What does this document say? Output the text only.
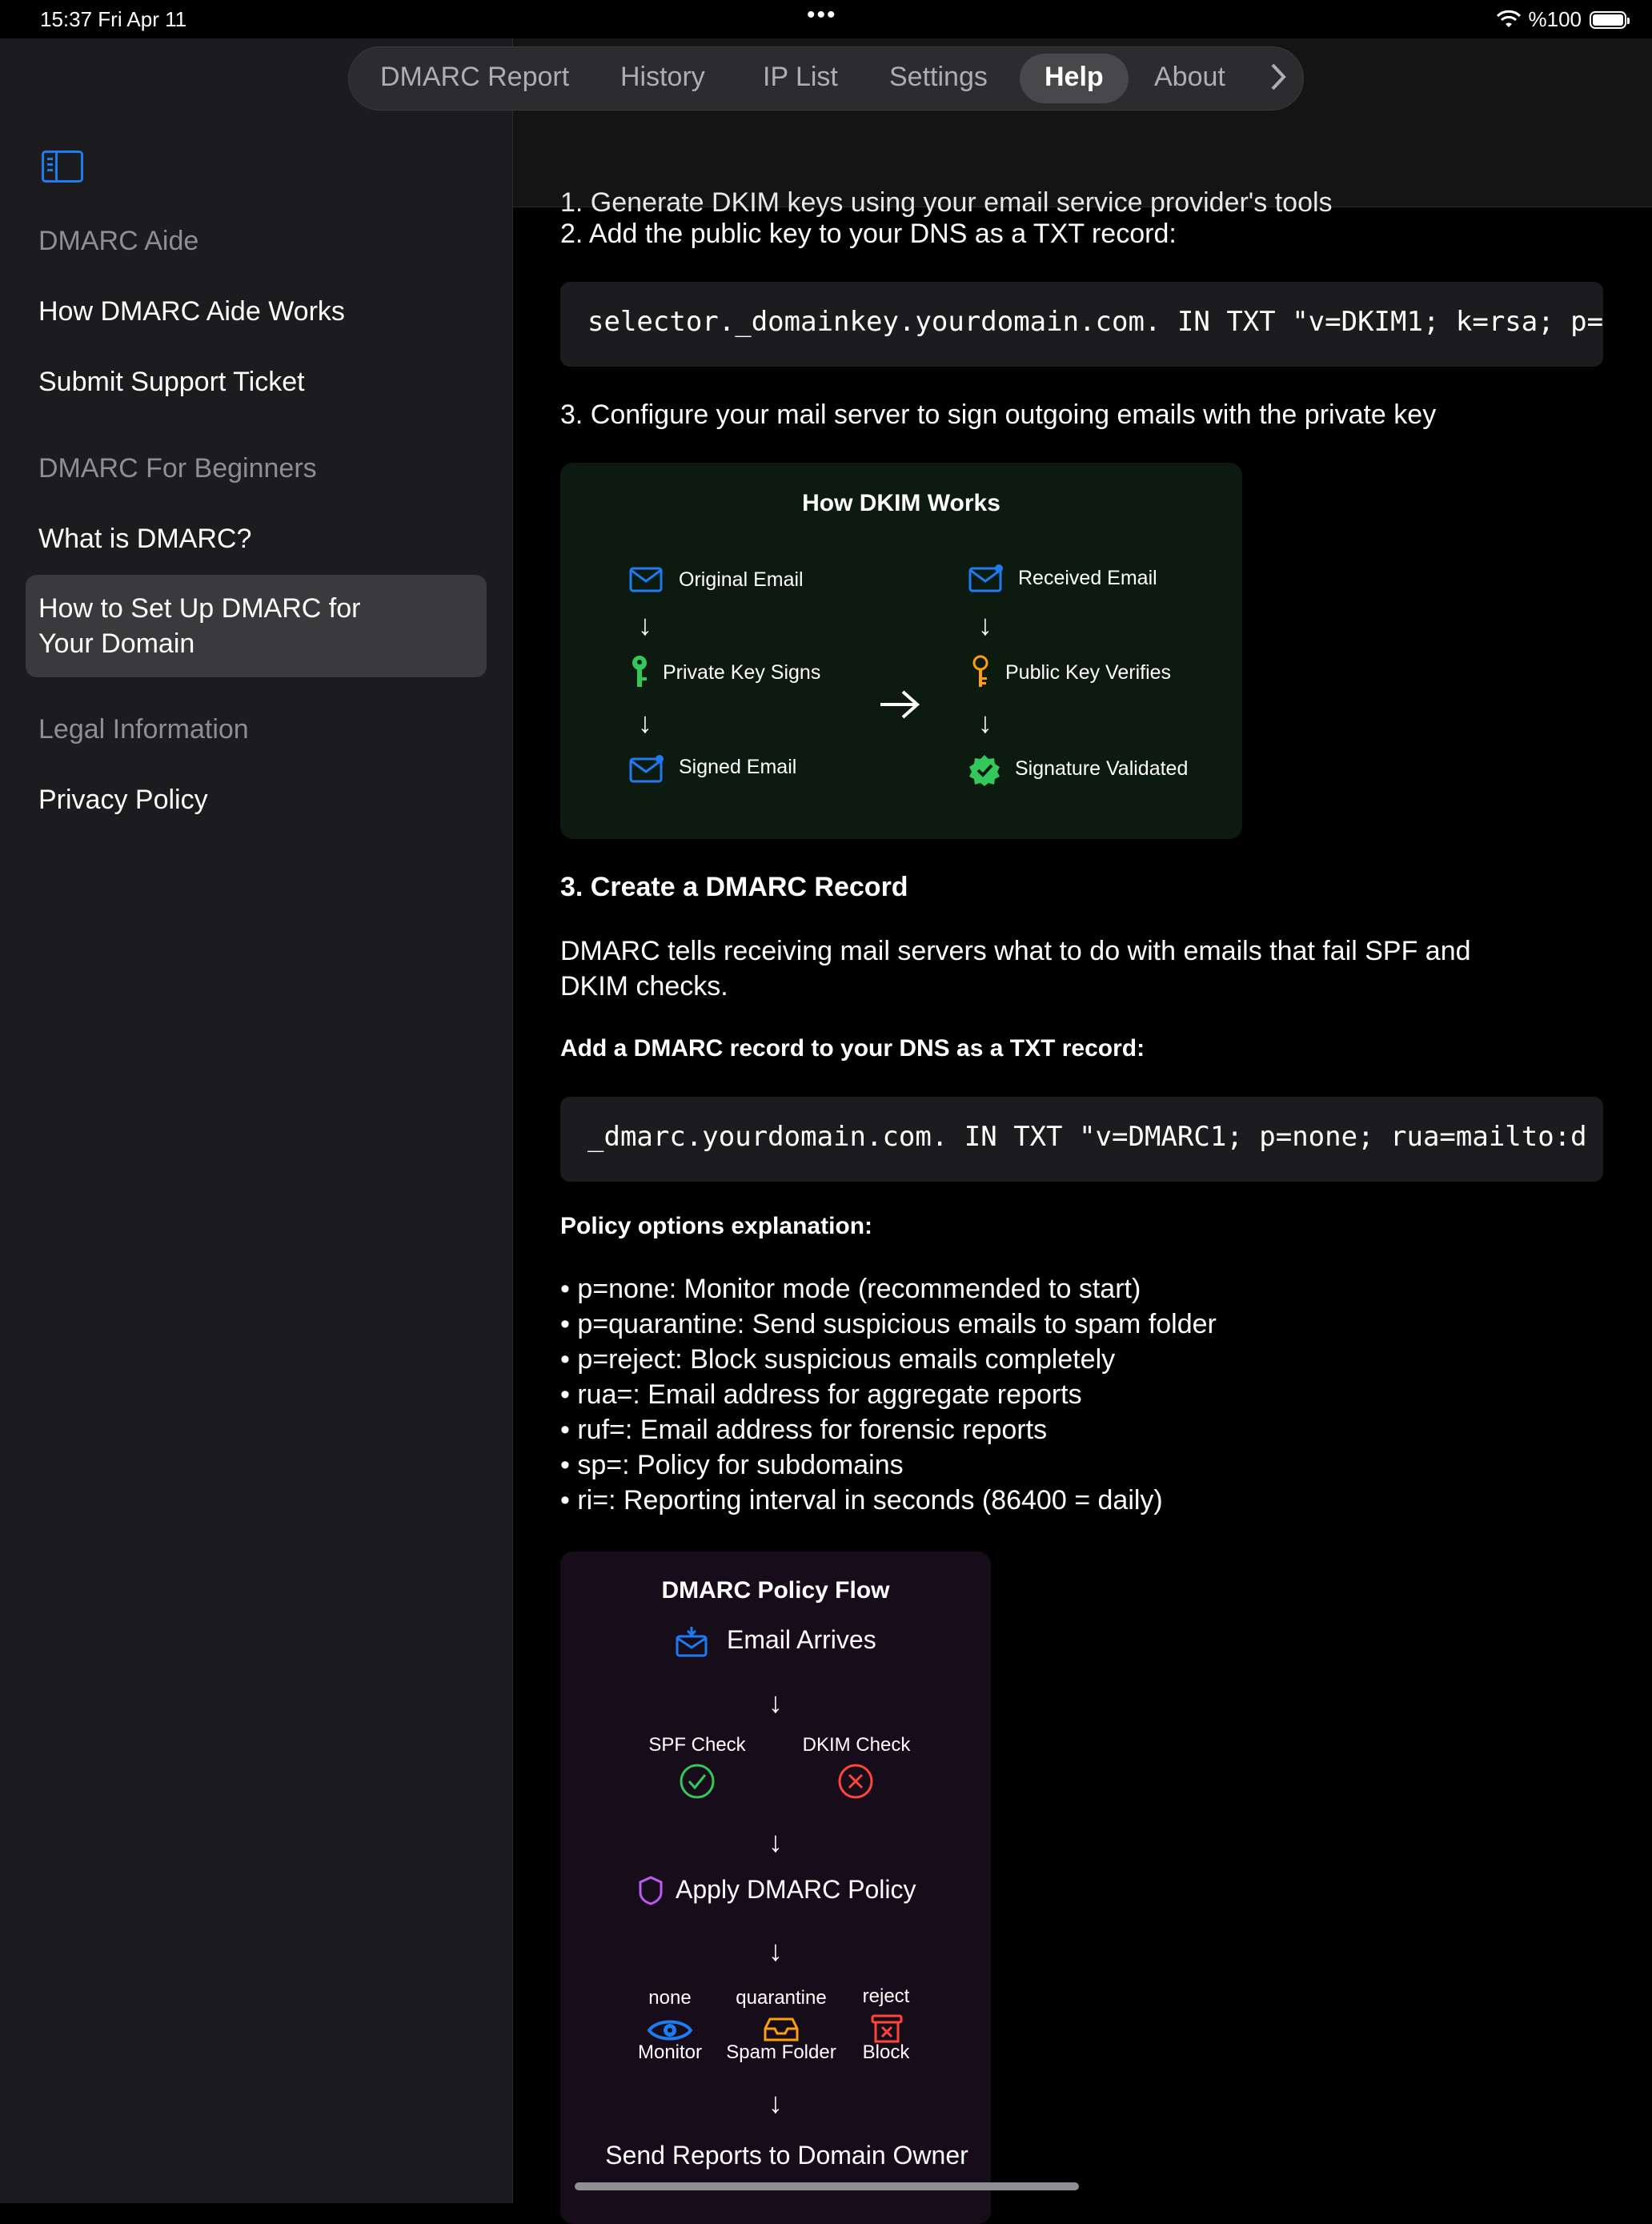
15:37 Fri Apr 11	•••	%100
DMARC Aide
How DMARC Aide Works
Submit Support Ticket
DMARC For Beginners
What is DMARC?
How to Set Up DMARC for Your Domain
Legal Information
Privacy Policy
1. Generate DKIM keys using your email service provider's tools
2. Add the public key to your DNS as a TXT record:
selector._domainkey.yourdomain.com. IN TXT "v=DKIM1; k=rsa; p=
3. Configure your mail server to sign outgoing emails with the private key
How DKIM Works
Original Email
↓
Private Key Signs
↓
Signed Email
Received Email
↓
Public Key Verifies
↓
Signature Validated
3. Create a DMARC Record
DMARC tells receiving mail servers what to do with emails that fail SPF and
DKIM checks.
Add a DMARC record to your DNS as a TXT record:
_dmarc.yourdomain.com. IN TXT "v=DMARC1; p=none; rua=mailto:d
Policy options explanation:
• p=none: Monitor mode (recommended to start)
• p=quarantine: Send suspicious emails to spam folder
• p=reject: Block suspicious emails completely
• rua=: Email address for aggregate reports
• ruf=: Email address for forensic reports
• sp=: Policy for subdomains
• ri=: Reporting interval in seconds (86400 = daily)
DMARC Policy Flow
Email Arrives
↓
SPF Check	DKIM Check
↓
Apply DMARC Policy
↓
none
Monitor
quarantine
Spam Folder
reject
Block
↓
Send Reports to Domain Owner
DMARC Report History IP List Settings Help About
